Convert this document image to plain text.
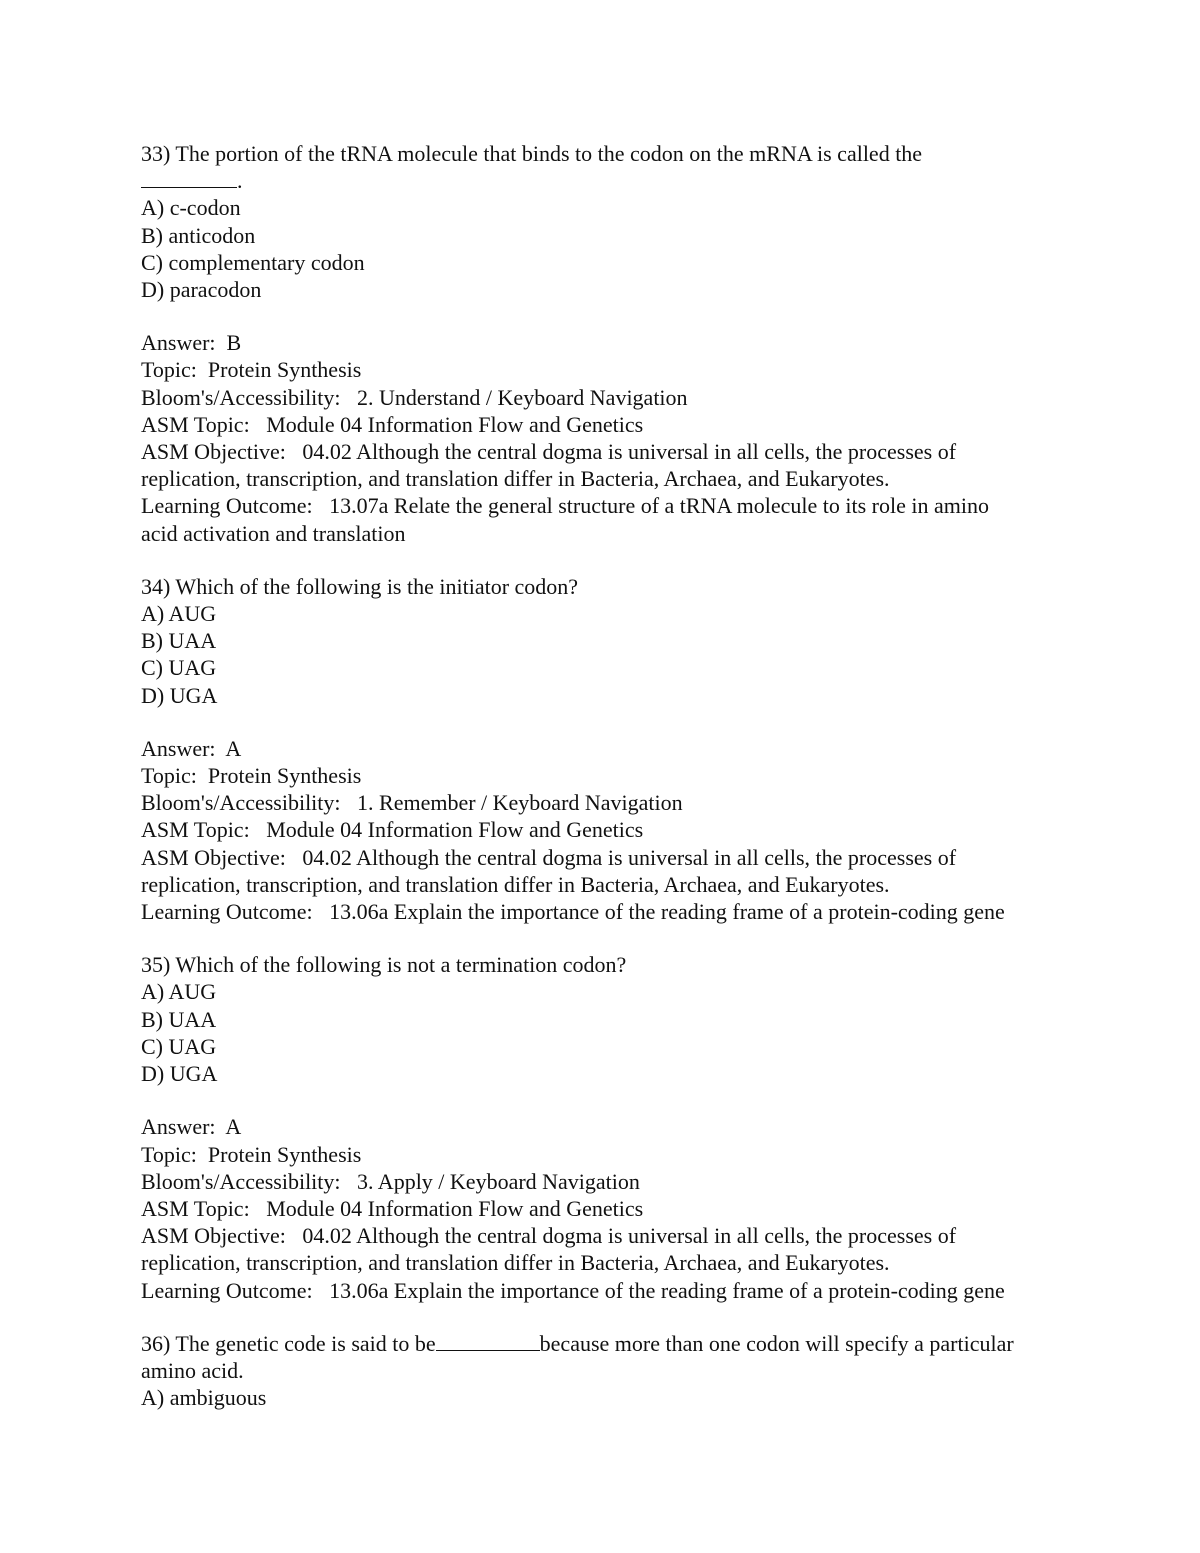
33) The portion of the tRNA molecule that binds to the codon on the mRNA is called the
.
A) c-codon
B) anticodon
C) complementary codon
D) paracodon
Answer: B
Topic: Protein Synthesis
Bloom's/Accessibility: 2. Understand / Keyboard Navigation
ASM Topic: Module 04 Information Flow and Genetics
ASM Objective: 04.02 Although the central dogma is universal in all cells, the processes of
replication, transcription, and translation differ in Bacteria, Archaea, and Eukaryotes.
Learning Outcome: 13.07a Relate the general structure of a tRNA molecule to its role in amino
acid activation and translation
34) Which of the following is the initiator codon?
A) AUG
B) UAA
C) UAG
D) UGA
Answer: A
Topic: Protein Synthesis
Bloom's/Accessibility: 1. Remember / Keyboard Navigation
ASM Topic: Module 04 Information Flow and Genetics
ASM Objective: 04.02 Although the central dogma is universal in all cells, the processes of
replication, transcription, and translation differ in Bacteria, Archaea, and Eukaryotes.
Learning Outcome: 13.06a Explain the importance of the reading frame of a protein-coding gene
35) Which of the following is not a termination codon?
A) AUG
B) UAA
C) UAG
D) UGA
Answer: A
Topic: Protein Synthesis
Bloom's/Accessibility: 3. Apply / Keyboard Navigation
ASM Topic: Module 04 Information Flow and Genetics
ASM Objective: 04.02 Although the central dogma is universal in all cells, the processes of
replication, transcription, and translation differ in Bacteria, Archaea, and Eukaryotes.
Learning Outcome: 13.06a Explain the importance of the reading frame of a protein-coding gene
36) The genetic code is said to be	because more than one codon will specify a particular
amino acid.
A) ambiguous
